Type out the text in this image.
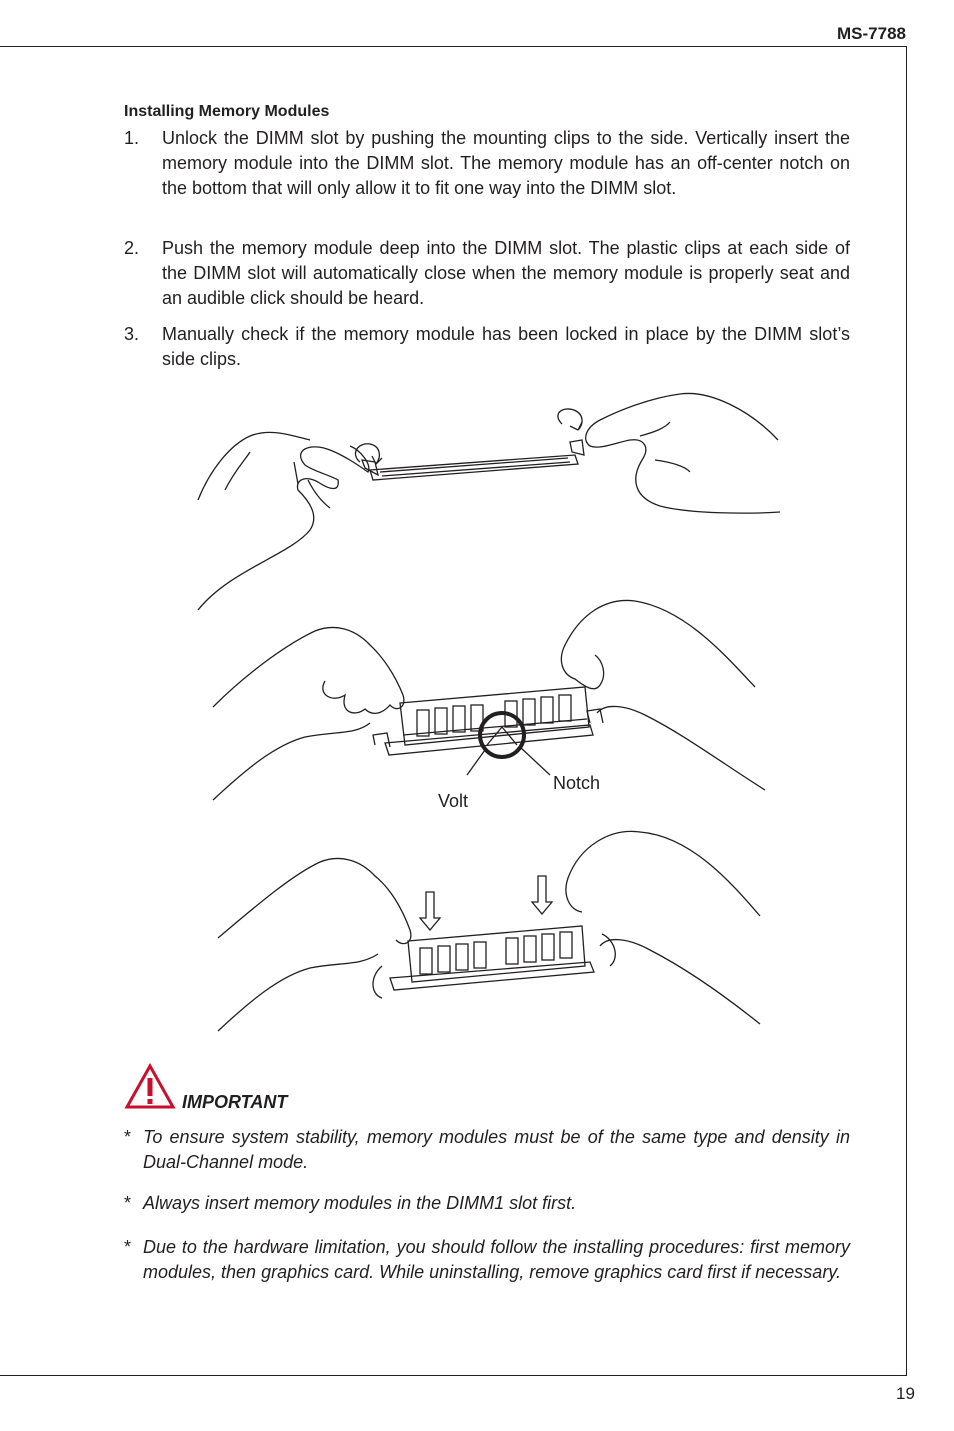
MS-7788
19
Installing Memory Modules
1. Unlock the DIMM slot by pushing the mounting clips to the side. Vertically insert the memory module into the DIMM slot. The memory module has an off-center notch on the bottom that will only allow it to fit one way into the DIMM slot.
2. Push the memory module deep into the DIMM slot. The plastic clips at each side of the DIMM slot will automatically close when the memory module is properly seat and an audible click should be heard.
3. Manually check if the memory module has been locked in place by the DIMM slot’s side clips.
Notch
Volt
IMPORTANT
* To ensure system stability, memory modules must be of the same type and density in Dual-Channel mode.
* Always insert memory modules in the DIMM1 slot first.
* Due to the hardware limitation, you should follow the installing procedures: first memory modules, then graphics card. While uninstalling, remove graphics card first if necessary.
